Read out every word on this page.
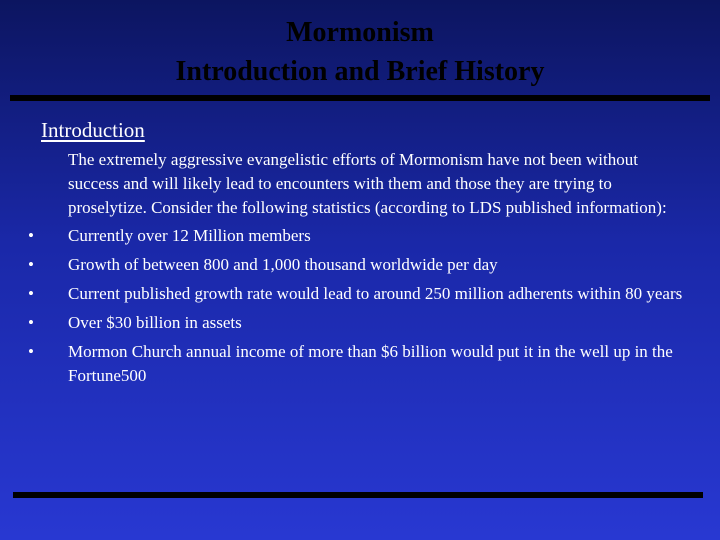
Mormonism
Introduction and Brief History
Introduction

The extremely aggressive evangelistic efforts of Mormonism have not been without success and will likely lead to encounters with them and those they are trying to proselytize. Consider the following statistics (according to LDS published information):

• Currently over 12 Million members
• Growth of between 800 and 1,000 thousand worldwide per day
• Current published growth rate would lead to around 250 million adherents within 80 years
• Over $30 billion in assets
• Mormon Church annual income of more than $6 billion would put it in the well up in the Fortune500
